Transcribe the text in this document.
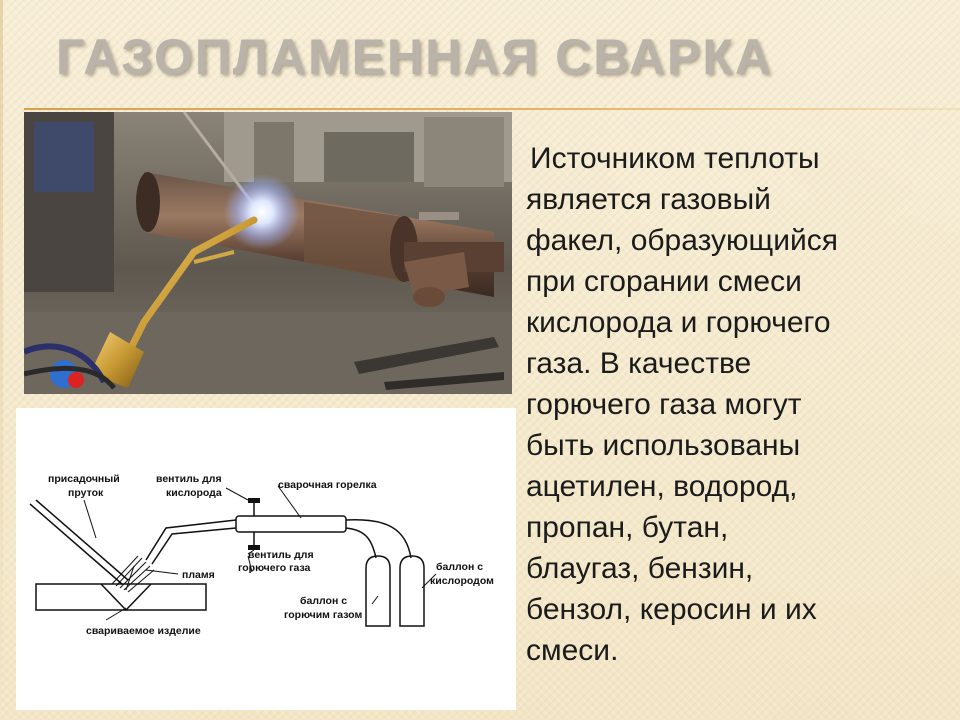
ГАЗОПЛАМЕННАЯ СВАРКА
присадочный
пруток
вентиль для
кислорода
сварочная горелка
пламя
вентиль для
горючего газа	баллон с
кислородом
баллон с
горючим газом
свариваемое изделие
Источником теплоты
является газовый
факел, образующийся
при сгорании смеси
кислорода и горючего
газа. В качестве
горючего газа могут
быть использованы
ацетилен, водород,
пропан, бутан,
блаугаз, бензин,
бензол, керосин и их
смеси.
